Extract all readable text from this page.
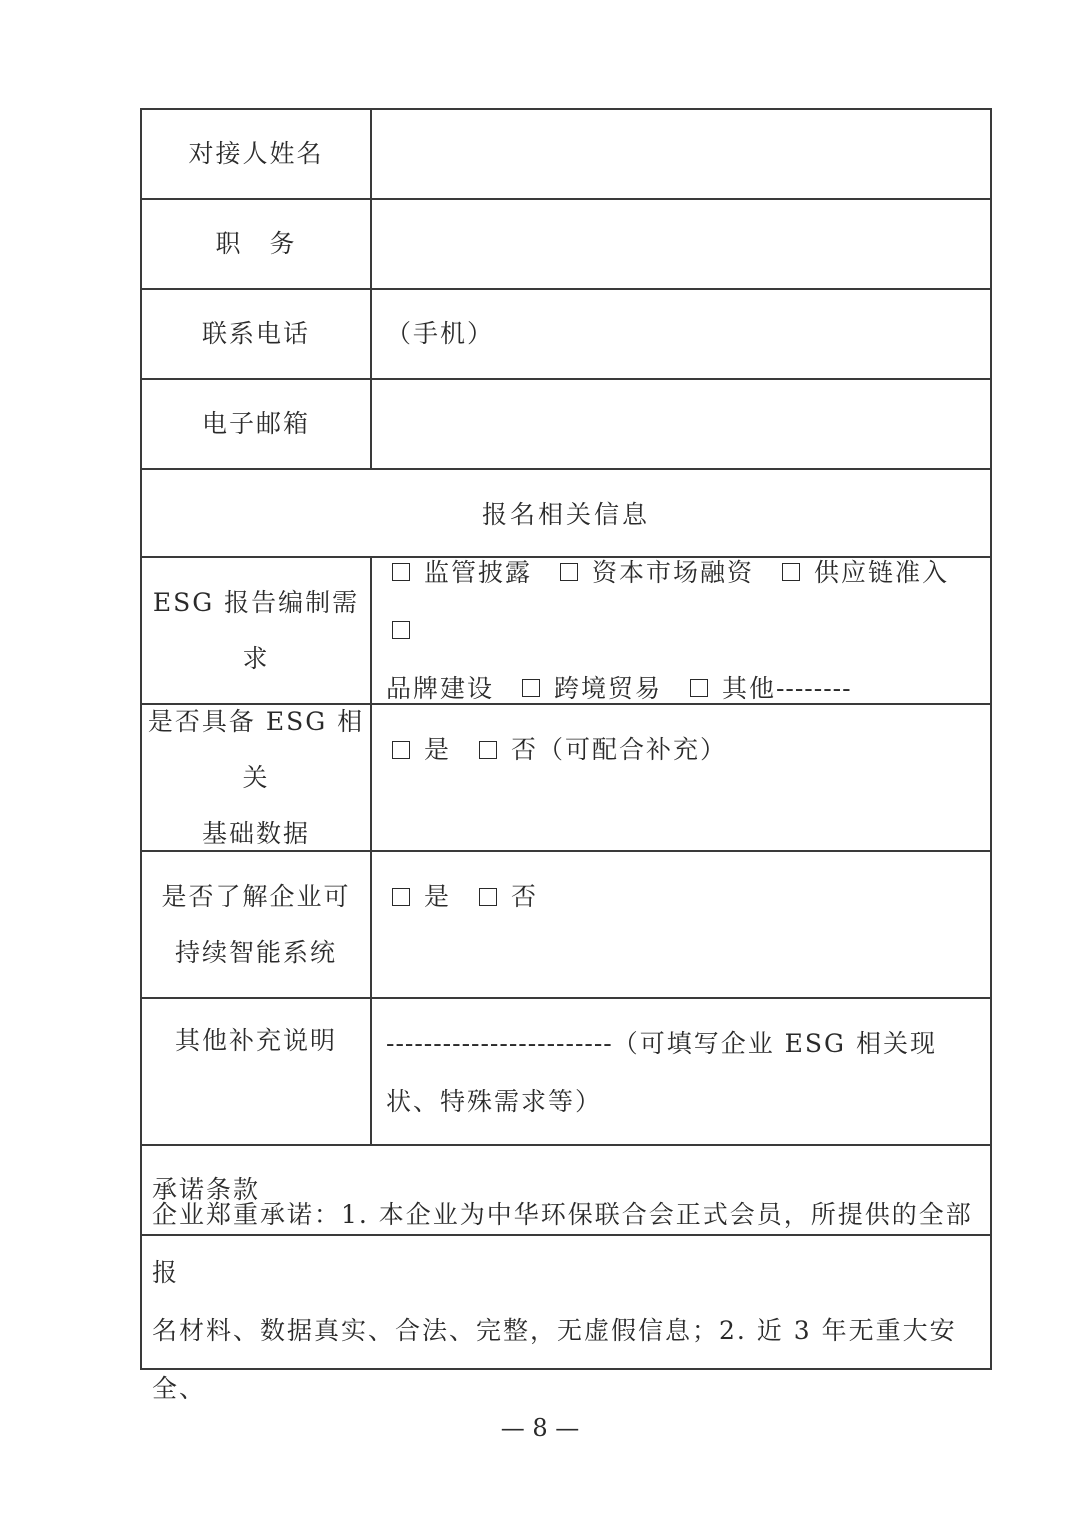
对接人姓名
职　务
联系电话	（手机）
电子邮箱
报名相关信息
ESG 报告编制需求
监管披露 资本市场融资 供应链准入
品牌建设 跨境贸易 其他--------
是否具备 ESG 相关
基础数据
是 否（可配合补充）
是否了解企业可
持续智能系统
是 否
其他补充说明	------------------------（可填写企业 ESG 相关现
状、特殊需求等）
承诺条款
企业郑重承诺：1. 本企业为中华环保联合会正式会员，所提供的全部报
名材料、数据真实、合法、完整，无虚假信息；2. 近 3 年无重大安全、
— 8 —
